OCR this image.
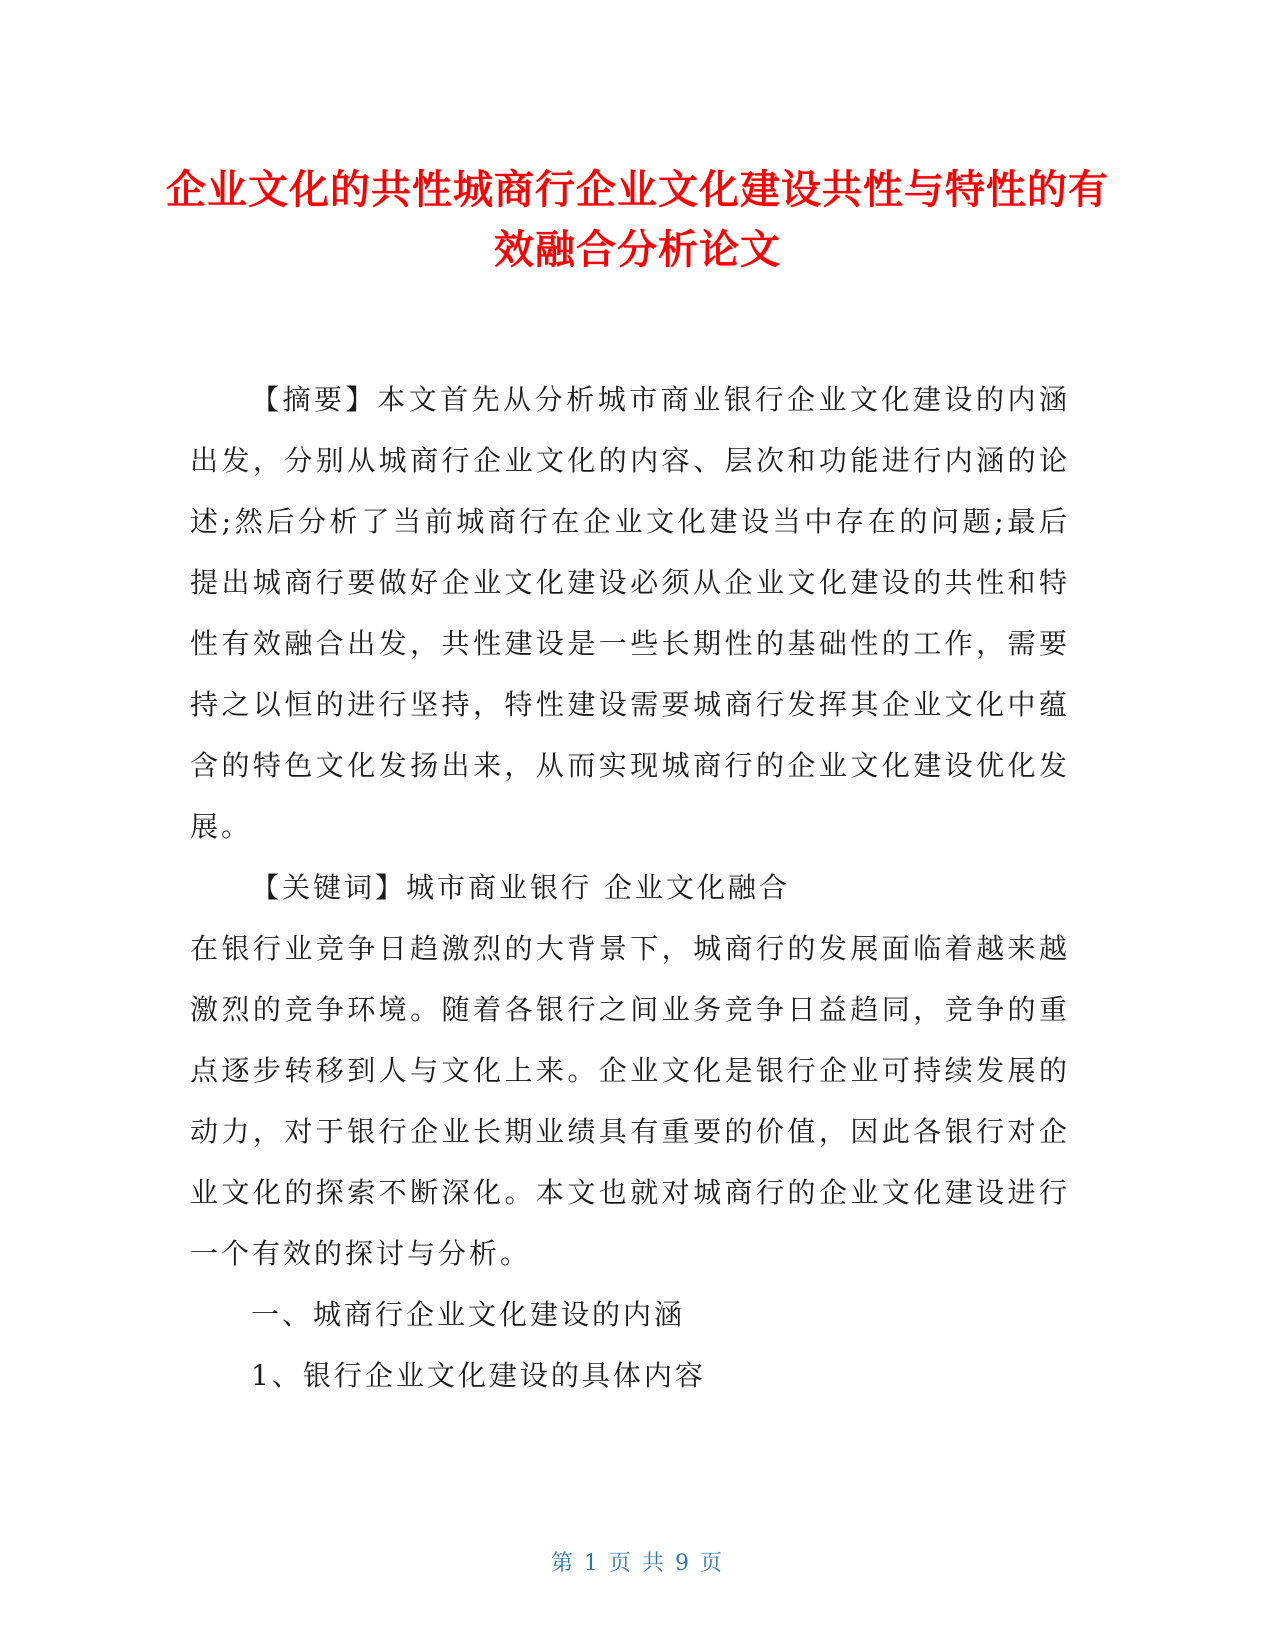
企业文化的共性城商行企业文化建设共性与特性的有效融合分析论文

【摘要】本文首先从分析城市商业银行企业文化建设的内涵出发，分别从城商行企业文化的内容、层次和功能进行内涵的论述;然后分析了当前城商行在企业文化建设当中存在的问题;最后提出城商行要做好企业文化建设必须从企业文化建设的共性和特性有效融合出发，共性建设是一些长期性的基础性的工作，需要持之以恒的进行坚持，特性建设需要城商行发挥其企业文化中蕴含的特色文化发扬出来，从而实现城商行的企业文化建设优化发展。

【关键词】城市商业银行 企业文化融合

在银行业竞争日趋激烈的大背景下，城商行的发展面临着越来越激烈的竞争环境。随着各银行之间业务竞争日益趋同，竞争的重点逐步转移到人与文化上来。企业文化是银行企业可持续发展的动力，对于银行企业长期业绩具有重要的价值，因此各银行对企业文化的探索不断深化。本文也就对城商行的企业文化建设进行一个有效的探讨与分析。

一、城商行企业文化建设的内涵

1、银行企业文化建设的具体内容

第 1 页 共 9 页
